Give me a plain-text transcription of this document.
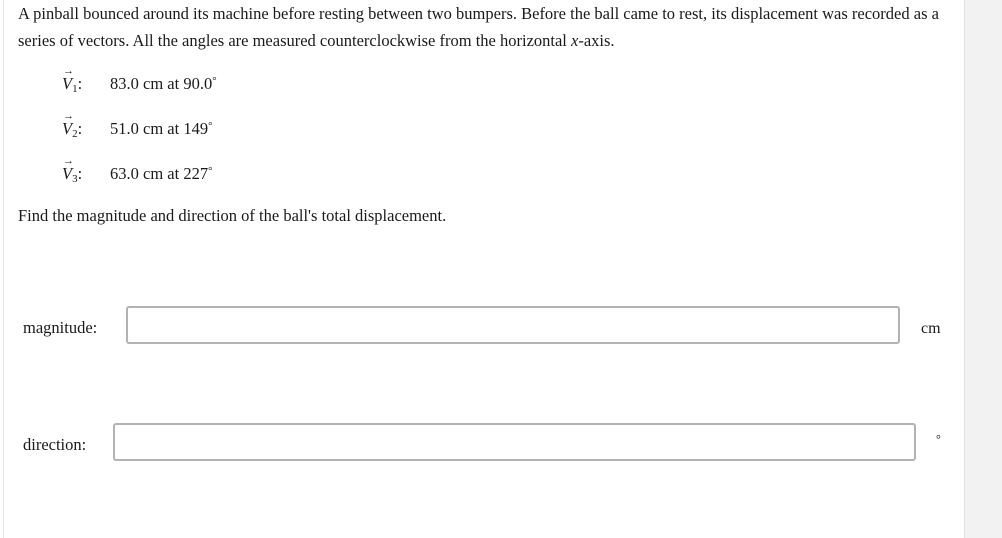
A pinball bounced around its machine before resting between two bumpers. Before the ball came to rest, its displacement was recorded as a series of vectors. All the angles are measured counterclockwise from the horizontal x-axis.

V
→
$_1$:	83.0 cm at 90.0°
V
→
$_2$:	51.0 cm at 149°
V
→
$_3$:	63.0 cm at 227°

Find the magnitude and direction of the ball's total displacement.

magnitude:	cm
direction:	°
